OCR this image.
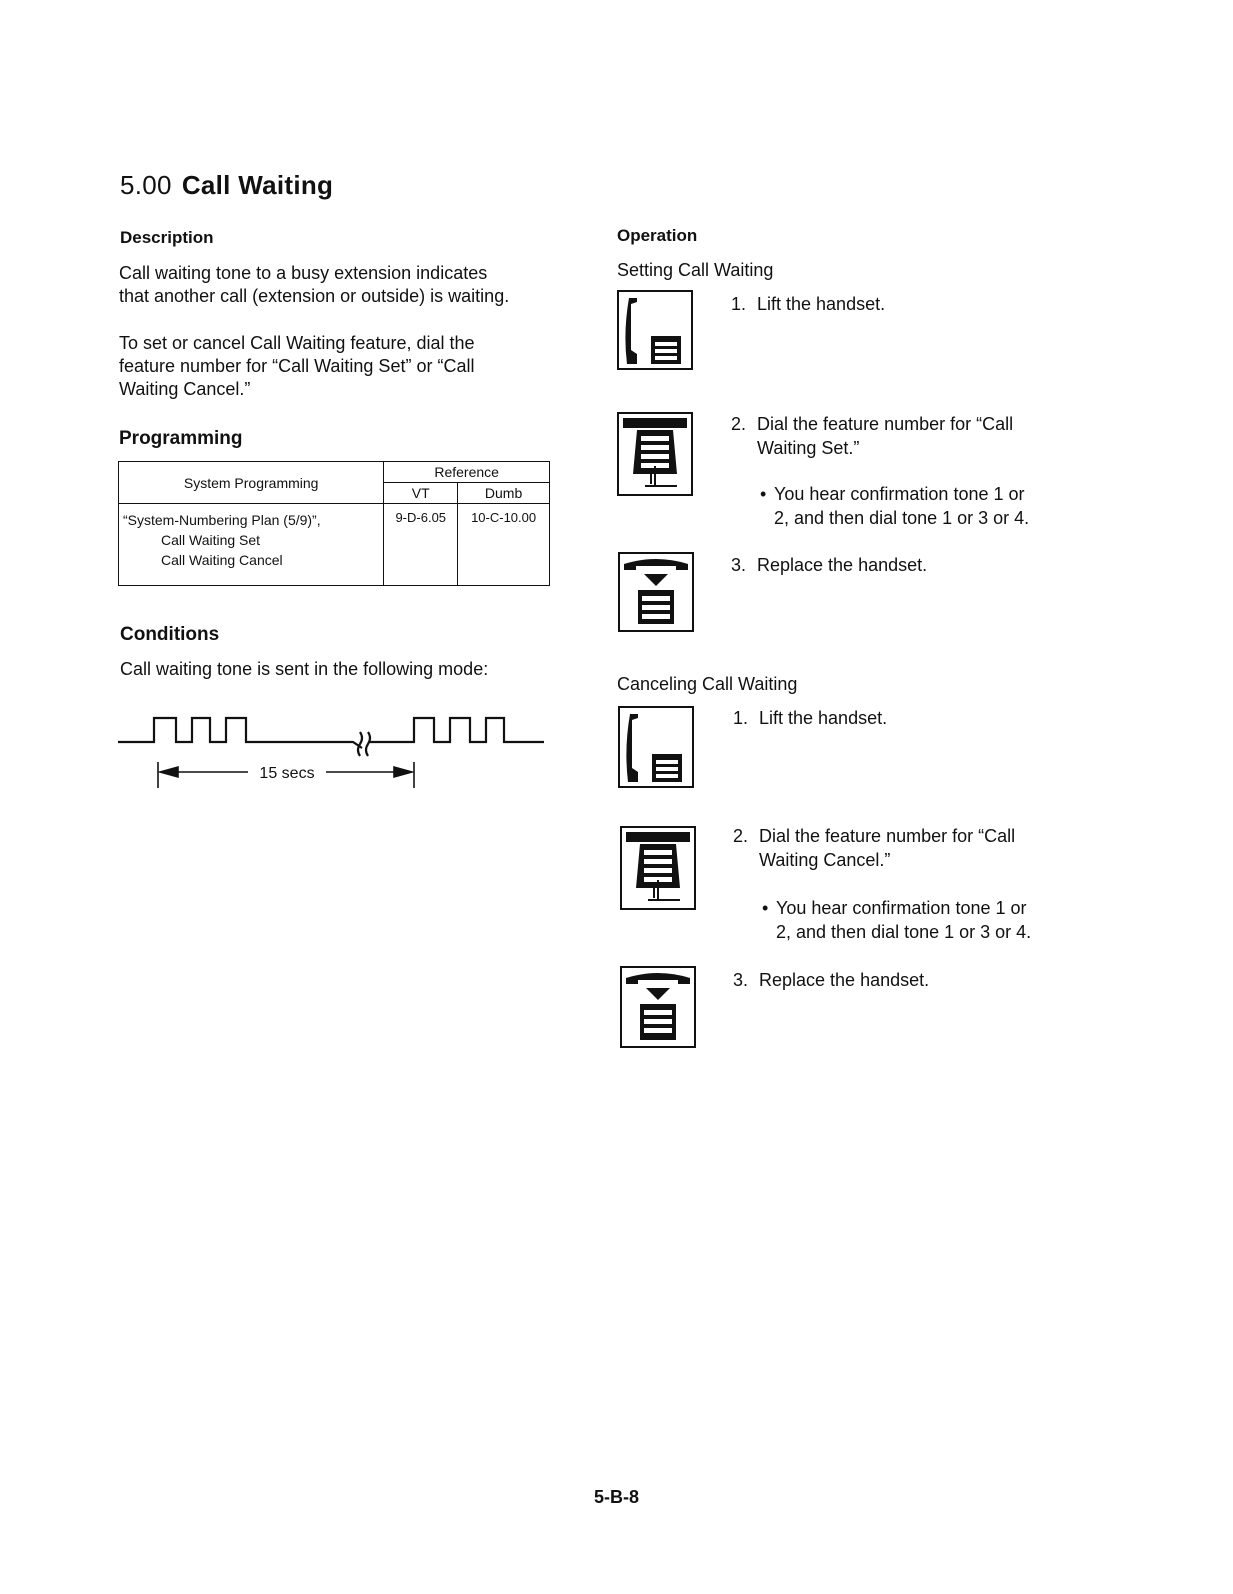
5.00 Call Waiting
Description
Call waiting tone to a busy extension indicates
that another call (extension or outside) is waiting.
To set or cancel Call Waiting feature, dial the
feature number for “Call Waiting Set” or “Call
Waiting Cancel.”
Programming
System Programming	Reference	
	VT	Dumb

“System-Numbering Plan (5/9)”,
Call Waiting Set
Call Waiting Cancel	9-D-6.05	10-C-10.00
Conditions
Call waiting tone is sent in the following mode:
15 secs
Operation
Setting Call Waiting
1. Lift the handset.
2. Dial the feature number for “Call
Waiting Set.”
• You hear confirmation tone 1 or
2, and then dial tone 1 or 3 or 4.
3. Replace the handset.
Canceling Call Waiting
1. Lift the handset.
2. Dial the feature number for “Call
Waiting Cancel.”
• You hear confirmation tone 1 or
2, and then dial tone 1 or 3 or 4.
3. Replace the handset.
5-B-8
